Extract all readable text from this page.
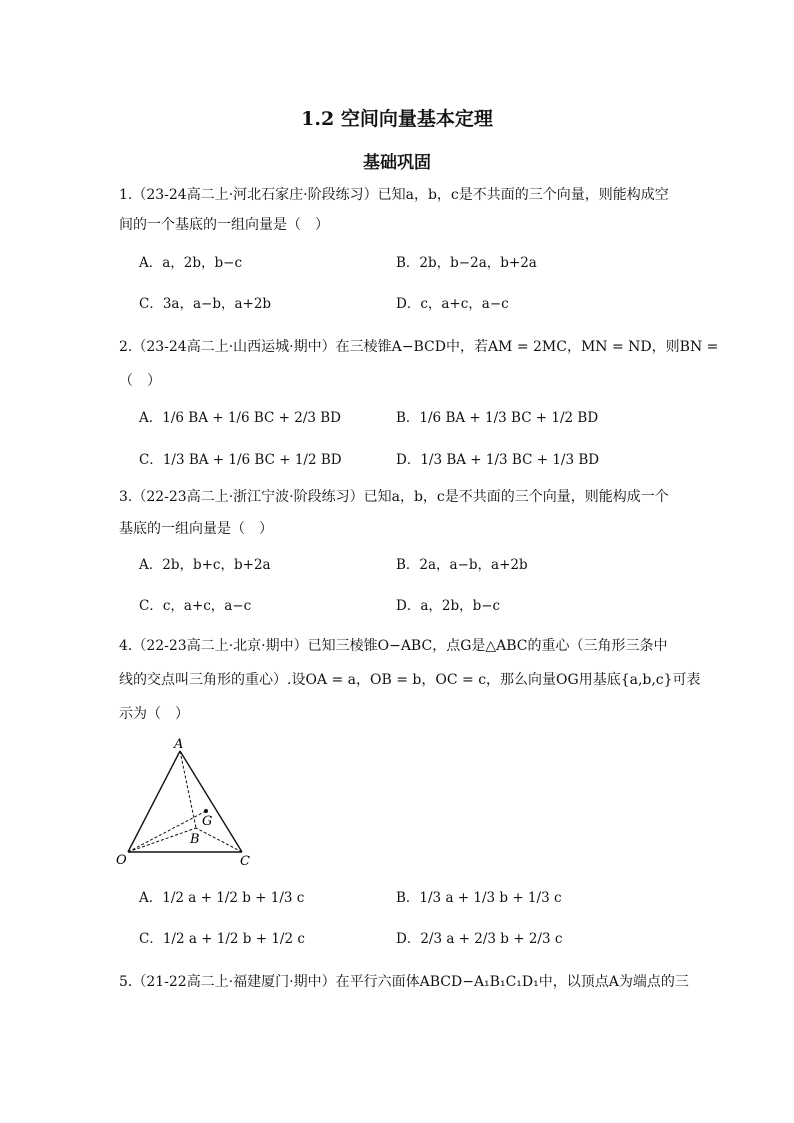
1.2 空间向量基本定理
基础巩固
1.（23-24高二上·河北石家庄·阶段练习）已知a，b，c是不共面的三个向量，则能构成空
间的一个基底的一组向量是（　）
A．a，2b，b−c	B．2b，b−2a，b+2a
C．3a，a−b，a+2b	D．c，a+c，a−c
2.（23-24高二上·山西运城·期中）在三棱锥A−BCD中，若AM = 2MC，MN = ND，则BN =
（　）
A．1/6 BA + 1/6 BC + 2/3 BD	B．1/6 BA + 1/3 BC + 1/2 BD
C．1/3 BA + 1/6 BC + 1/2 BD	D．1/3 BA + 1/3 BC + 1/3 BD
3.（22-23高二上·浙江宁波·阶段练习）已知a，b，c是不共面的三个向量，则能构成一个
基底的一组向量是（　）
A．2b，b+c，b+2a	B．2a，a−b，a+2b
C．c，a+c，a−c	D．a，2b，b−c
4.（22-23高二上·北京·期中）已知三棱锥O−ABC，点G是△ABC的重心（三角形三条中
线的交点叫三角形的重心）.设OA = a，OB = b，OC = c，那么向量OG用基底{a,b,c}可表
示为（　）
A
G
B
O	C
A．1/2 a + 1/2 b + 1/3 c	B．1/3 a + 1/3 b + 1/3 c
C．1/2 a + 1/2 b + 1/2 c	D．2/3 a + 2/3 b + 2/3 c
5.（21-22高二上·福建厦门·期中）在平行六面体ABCD−A₁B₁C₁D₁中，以顶点A为端点的三
